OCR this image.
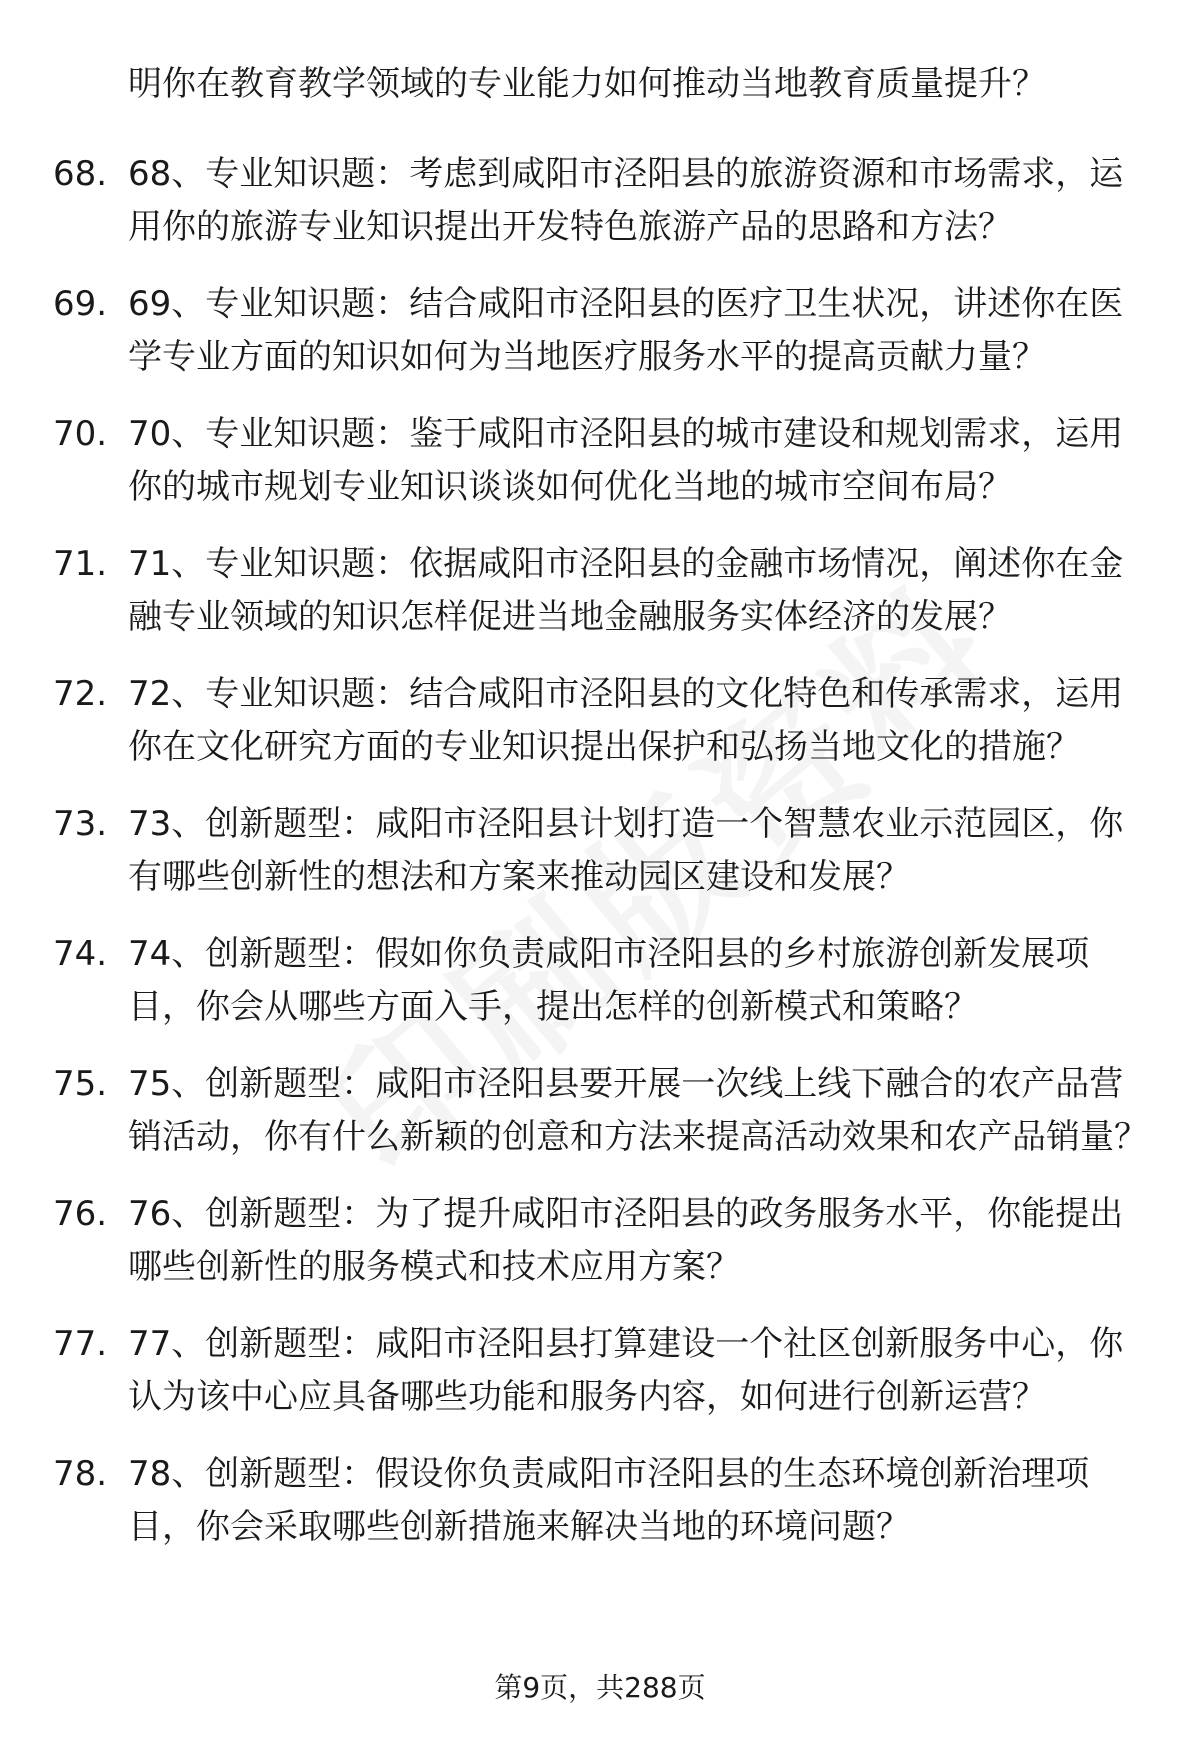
明你在教育教学领域的专业能力如何推动当地教育质量提升？
68. 68、专业知识题：考虑到咸阳市泾阳县的旅游资源和市场需求，运用你的旅游专业知识提出开发特色旅游产品的思路和方法？
69. 69、专业知识题：结合咸阳市泾阳县的医疗卫生状况，讲述你在医学专业方面的知识如何为当地医疗服务水平的提高贡献力量？
70. 70、专业知识题：鉴于咸阳市泾阳县的城市建设和规划需求，运用你的城市规划专业知识谈谈如何优化当地的城市空间布局？
71. 71、专业知识题：依据咸阳市泾阳县的金融市场情况，阐述你在金融专业领域的知识怎样促进当地金融服务实体经济的发展？
72. 72、专业知识题：结合咸阳市泾阳县的文化特色和传承需求，运用你在文化研究方面的专业知识提出保护和弘扬当地文化的措施？
73. 73、创新题型：咸阳市泾阳县计划打造一个智慧农业示范园区，你有哪些创新性的想法和方案来推动园区建设和发展？
74. 74、创新题型：假如你负责咸阳市泾阳县的乡村旅游创新发展项目，你会从哪些方面入手，提出怎样的创新模式和策略？
75. 75、创新题型：咸阳市泾阳县要开展一次线上线下融合的农产品营销活动，你有什么新颖的创意和方法来提高活动效果和农产品销量？
76. 76、创新题型：为了提升咸阳市泾阳县的政务服务水平，你能提出哪些创新性的服务模式和技术应用方案？
77. 77、创新题型：咸阳市泾阳县打算建设一个社区创新服务中心，你认为该中心应具备哪些功能和服务内容，如何进行创新运营？
78. 78、创新题型：假设你负责咸阳市泾阳县的生态环境创新治理项目，你会采取哪些创新措施来解决当地的环境问题？
第9页，共288页
